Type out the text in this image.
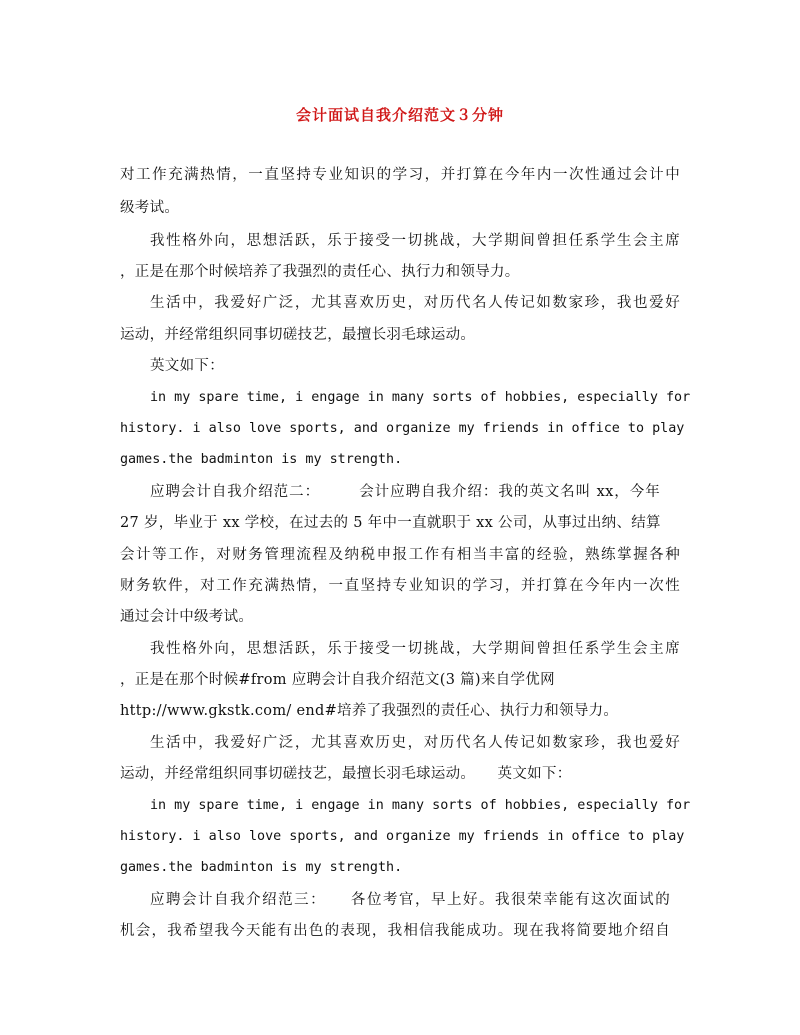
会计面试自我介绍范文３分钟
对工作充满热情，一直坚持专业知识的学习，并打算在今年内一次性通过会计中
级考试。
我性格外向，思想活跃，乐于接受一切挑战，大学期间曾担任系学生会主席
，正是在那个时候培养了我强烈的责任心、执行力和领导力。
生活中，我爱好广泛，尤其喜欢历史，对历代名人传记如数家珍，我也爱好
运动，并经常组织同事切磋技艺，最擅长羽毛球运动。
英文如下：
in my spare time, i engage in many sorts of hobbies, especially for
history. i also love sports, and organize my friends in office to play
games.the badminton is my strength.
应聘会计自我介绍范二：　　　会计应聘自我介绍：我的英文名叫 xx，今年
27 岁，毕业于 xx 学校，在过去的 5 年中一直就职于 xx 公司，从事过出纳、结算
会计等工作，对财务管理流程及纳税申报工作有相当丰富的经验，熟练掌握各种
财务软件，对工作充满热情，一直坚持专业知识的学习，并打算在今年内一次性
通过会计中级考试。
我性格外向，思想活跃，乐于接受一切挑战，大学期间曾担任系学生会主席
，正是在那个时候#from 应聘会计自我介绍范文(3 篇)来自学优网
http://www.gkstk.com/ end#培养了我强烈的责任心、执行力和领导力。
生活中，我爱好广泛，尤其喜欢历史，对历代名人传记如数家珍，我也爱好
运动，并经常组织同事切磋技艺，最擅长羽毛球运动。　　英文如下：
in my spare time, i engage in many sorts of hobbies, especially for
history. i also love sports, and organize my friends in office to play
games.the badminton is my strength.
应聘会计自我介绍范三：　　各位考官，早上好。我很荣幸能有这次面试的
机会，我希望我今天能有出色的表现，我相信我能成功。现在我将简要地介绍自
